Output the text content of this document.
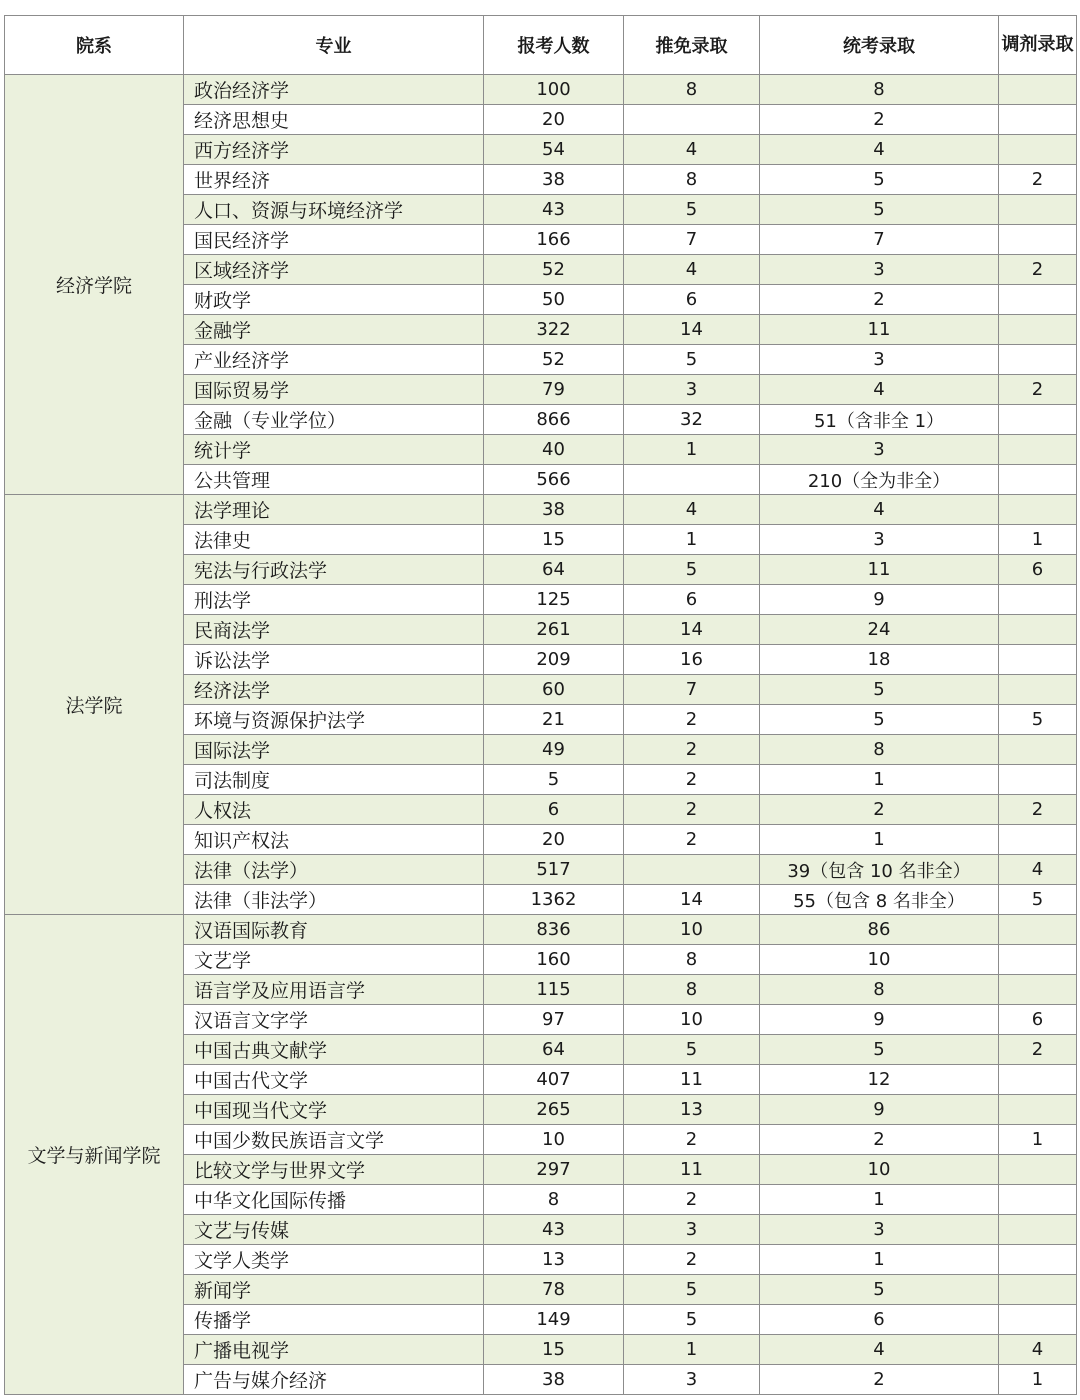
院系	专业	报考人数	推免录取	统考录取	调剂录取
经济学院	政治经济学	100	8	8	
	经济思想史	20		2	
	西方经济学	54	4	4	
	世界经济	38	8	5	2
	人口、资源与环境经济学	43	5	5	
	国民经济学	166	7	7	
	区域经济学	52	4	3	2
	财政学	50	6	2	
	金融学	322	14	11	
	产业经济学	52	5	3	
	国际贸易学	79	3	4	2
	金融（专业学位）	866	32	51（含非全 1）	
	统计学	40	1	3	
	公共管理	566		210（全为非全）	
法学院	法学理论	38	4	4	
	法律史	15	1	3	1
	宪法与行政法学	64	5	11	6
	刑法学	125	6	9	
	民商法学	261	14	24	
	诉讼法学	209	16	18	
	经济法学	60	7	5	
	环境与资源保护法学	21	2	5	5
	国际法学	49	2	8	
	司法制度	5	2	1	
	人权法	6	2	2	2
	知识产权法	20	2	1	
	法律（法学）	517		39（包含 10 名非全）	4
	法律（非法学）	1362	14	55（包含 8 名非全）	5
文学与新闻学院	汉语国际教育	836	10	86	
	文艺学	160	8	10	
	语言学及应用语言学	115	8	8	
	汉语言文字学	97	10	9	6
	中国古典文献学	64	5	5	2
	中国古代文学	407	11	12	
	中国现当代文学	265	13	9	
	中国少数民族语言文学	10	2	2	1
	比较文学与世界文学	297	11	10	
	中华文化国际传播	8	2	1	
	文艺与传媒	43	3	3	
	文学人类学	13	2	1	
	新闻学	78	5	5	
	传播学	149	5	6	
	广播电视学	15	1	4	4
	广告与媒介经济	38	3	2	1
